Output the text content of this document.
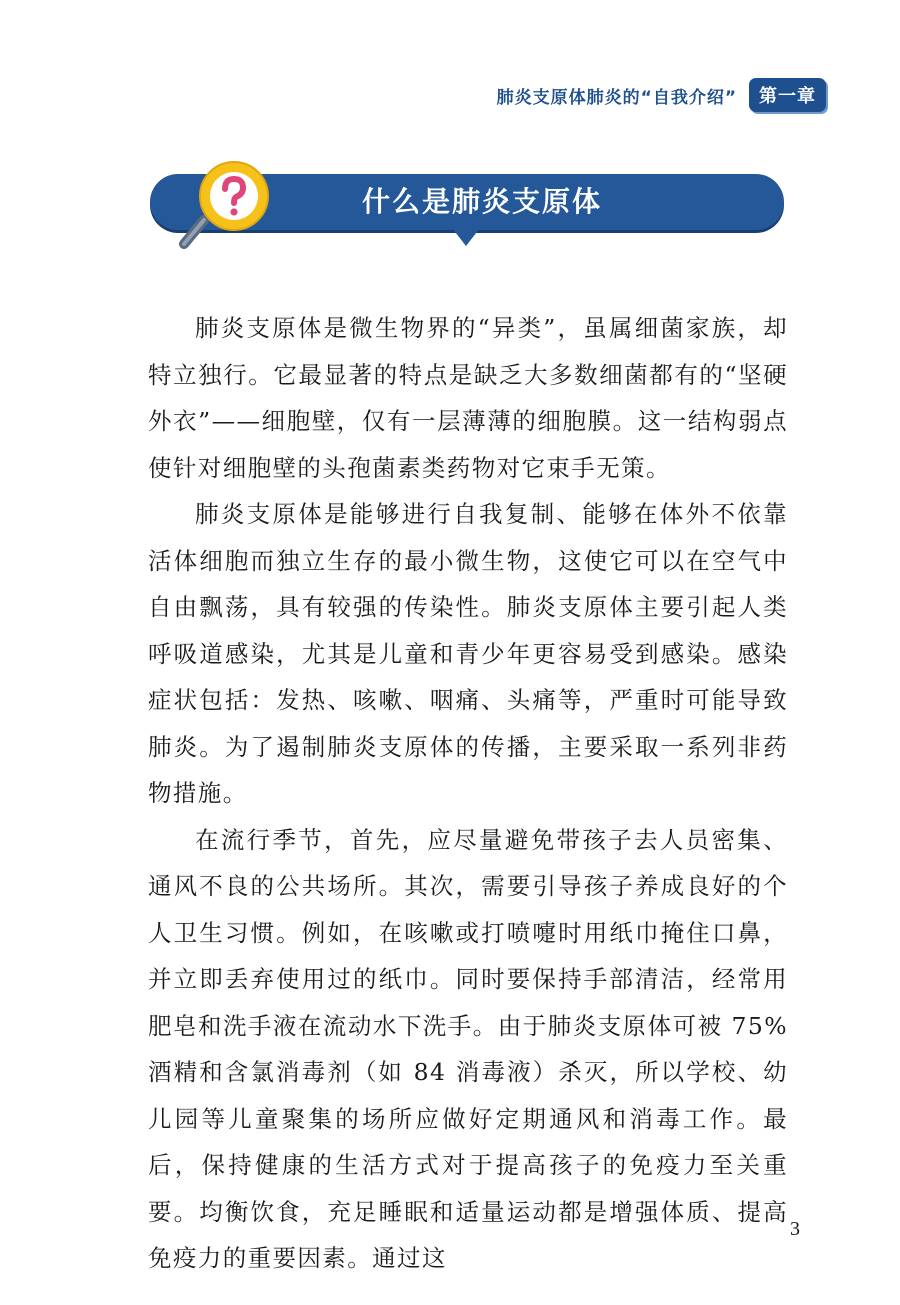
肺炎支原体肺炎的“自我介绍”	第一章
什么是肺炎支原体

肺炎支原体是微生物界的“异类”，虽属细菌家族，却特立独行。它最显著的特点是缺乏大多数细菌都有的“坚硬外衣”——细胞壁，仅有一层薄薄的细胞膜。这一结构弱点使针对细胞壁的头孢菌素类药物对它束手无策。

肺炎支原体是能够进行自我复制、能够在体外不依靠活体细胞而独立生存的最小微生物，这使它可以在空气中自由飘荡，具有较强的传染性。肺炎支原体主要引起人类呼吸道感染，尤其是儿童和青少年更容易受到感染。感染症状包括：发热、咳嗽、咽痛、头痛等，严重时可能导致肺炎。为了遏制肺炎支原体的传播，主要采取一系列非药物措施。

在流行季节，首先，应尽量避免带孩子去人员密集、通风不良的公共场所。其次，需要引导孩子养成良好的个人卫生习惯。例如，在咳嗽或打喷嚏时用纸巾掩住口鼻，并立即丢弃使用过的纸巾。同时要保持手部清洁，经常用肥皂和洗手液在流动水下洗手。由于肺炎支原体可被 75% 酒精和含氯消毒剂（如 84 消毒液）杀灭，所以学校、幼儿园等儿童聚集的场所应做好定期通风和消毒工作。最后，保持健康的生活方式对于提高孩子的免疫力至关重要。均衡饮食，充足睡眠和适量运动都是增强体质、提高免疫力的重要因素。通过这

3
